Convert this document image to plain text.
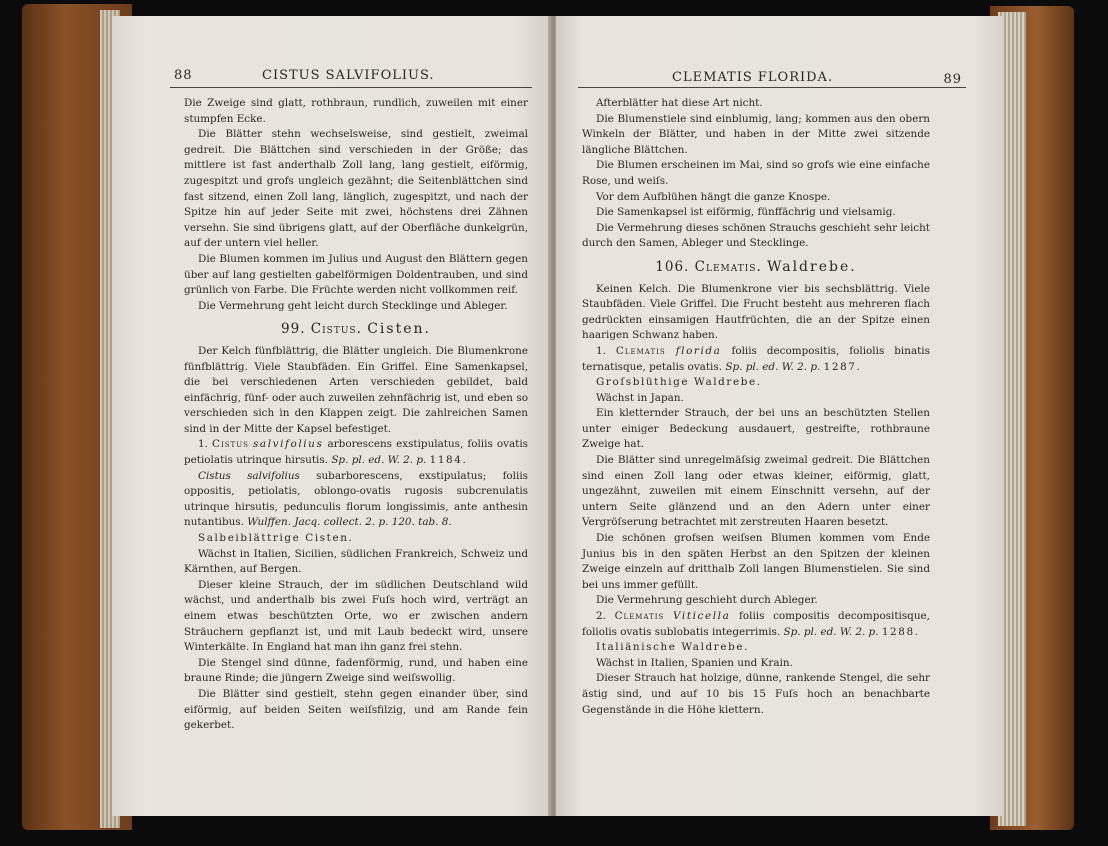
88	CISTUS SALVIFOLIUS.

Die Zweige sind glatt, rothbraun, rundlich, zuweilen mit einer stumpfen Ecke.

Die Blätter stehn wechselsweise, sind gestielt, zweimal gedreit. Die Blättchen sind verschieden in der Größe; das mittlere ist fast anderthalb Zoll lang, lang gestielt, eiförmig, zugespitzt und grofs ungleich gezähnt; die Seitenblättchen sind fast sitzend, einen Zoll lang, länglich, zugespitzt, und nach der Spitze hin auf jeder Seite mit zwei, höchstens drei Zähnen versehn. Sie sind übrigens glatt, auf der Oberfläche dunkelgrün, auf der untern viel heller.

Die Blumen kommen im Julius und August den Blättern gegen über auf lang gestielten gabelförmigen Doldentrauben, und sind grünlich von Farbe. Die Früchte werden nicht vollkommen reif.

Die Vermehrung geht leicht durch Stecklinge und Ableger.

99. Cistus. Cisten.

Der Kelch fünfblättrig, die Blätter ungleich. Die Blumenkrone fünfblättrig. Viele Staubfäden. Ein Griffel. Eine Samenkapsel, die bei verschiedenen Arten verschieden gebildet, bald einfächrig, fünf- oder auch zuweilen zehnfächrig ist, und eben so verschieden sich in den Klappen zeigt. Die zahlreichen Samen sind in der Mitte der Kapsel befestiget.

1. Cistus salvifolius arborescens exstipulatus, foliis ovatis petiolatis utrinque hirsutis. Sp. pl. ed. W. 2. p. 1184.

Cistus salvifolius subarborescens, exstipulatus; foliis oppositis, petiolatis, oblongo-ovatis rugosis subcrenulatis utrinque hirsutis, pedunculis florum longissimis, ante anthesin nutantibus. Wulffen. Jacq. collect. 2. p. 120. tab. 8.

Salbeiblättrige Cisten.

Wächst in Italien, Sicilien, südlichen Frankreich, Schweiz und Kärnthen, auf Bergen.

Dieser kleine Strauch, der im südlichen Deutschland wild wächst, und anderthalb bis zwei Fuſs hoch wird, verträgt an einem etwas beschützten Orte, wo er zwischen andern Sträuchern gepflanzt ist, und mit Laub bedeckt wird, unsere Winterkälte. In England hat man ihn ganz frei stehn.

Die Stengel sind dünne, fadenförmig, rund, und haben eine braune Rinde; die jüngern Zweige sind weiſswollig.

Die Blätter sind gestielt, stehn gegen einander über, sind eiförmig, auf beiden Seiten weiſsfilzig, und am Rande fein gekerbet.

CLEMATIS FLORIDA.	89

Afterblätter hat diese Art nicht.

Die Blumenstiele sind einblumig, lang; kommen aus den obern Winkeln der Blätter, und haben in der Mitte zwei sitzende längliche Blättchen.

Die Blumen erscheinen im Mai, sind so grofs wie eine einfache Rose, und weiſs.

Vor dem Aufblühen hängt die ganze Knospe.

Die Samenkapsel ist eiförmig, fünffächrig und vielsamig.

Die Vermehrung dieses schönen Strauchs geschieht sehr leicht durch den Samen, Ableger und Stecklinge.

106. Clematis. Waldrebe.

Keinen Kelch. Die Blumenkrone vier bis sechsblättrig. Viele Staubfäden. Viele Griffel. Die Frucht besteht aus mehreren flach gedrückten einsamigen Hautfrüchten, die an der Spitze einen haarigen Schwanz haben.

1. Clematis florida foliis decompositis, foliolis binatis ternatisque, petalis ovatis. Sp. pl. ed. W. 2. p. 1287.

Groſsblüthige Waldrebe.

Wächst in Japan.

Ein kletternder Strauch, der bei uns an beschützten Stellen unter einiger Bedeckung ausdauert, gestreifte, rothbraune Zweige hat.

Die Blätter sind unregelmäſsig zweimal gedreit. Die Blättchen sind einen Zoll lang oder etwas kleiner, eiförmig, glatt, ungezähnt, zuweilen mit einem Einschnitt versehn, auf der untern Seite glänzend und an den Adern unter einer Vergröſserung betrachtet mit zerstreuten Haaren besetzt.

Die schönen grofsen weiſsen Blumen kommen vom Ende Junius bis in den späten Herbst an den Spitzen der kleinen Zweige einzeln auf dritthalb Zoll langen Blumenstielen. Sie sind bei uns immer gefüllt.

Die Vermehrung geschieht durch Ableger.

2. Clematis Viticella foliis compositis decompositisque, foliolis ovatis sublobatis integerrimis. Sp. pl. ed. W. 2. p. 1288.

Italiänische Waldrebe.

Wächst in Italien, Spanien und Krain.

Dieser Strauch hat holzige, dünne, rankende Stengel, die sehr ästig sind, und auf 10 bis 15 Fuſs hoch an benachbarte Gegenstände in die Höhe klettern.
